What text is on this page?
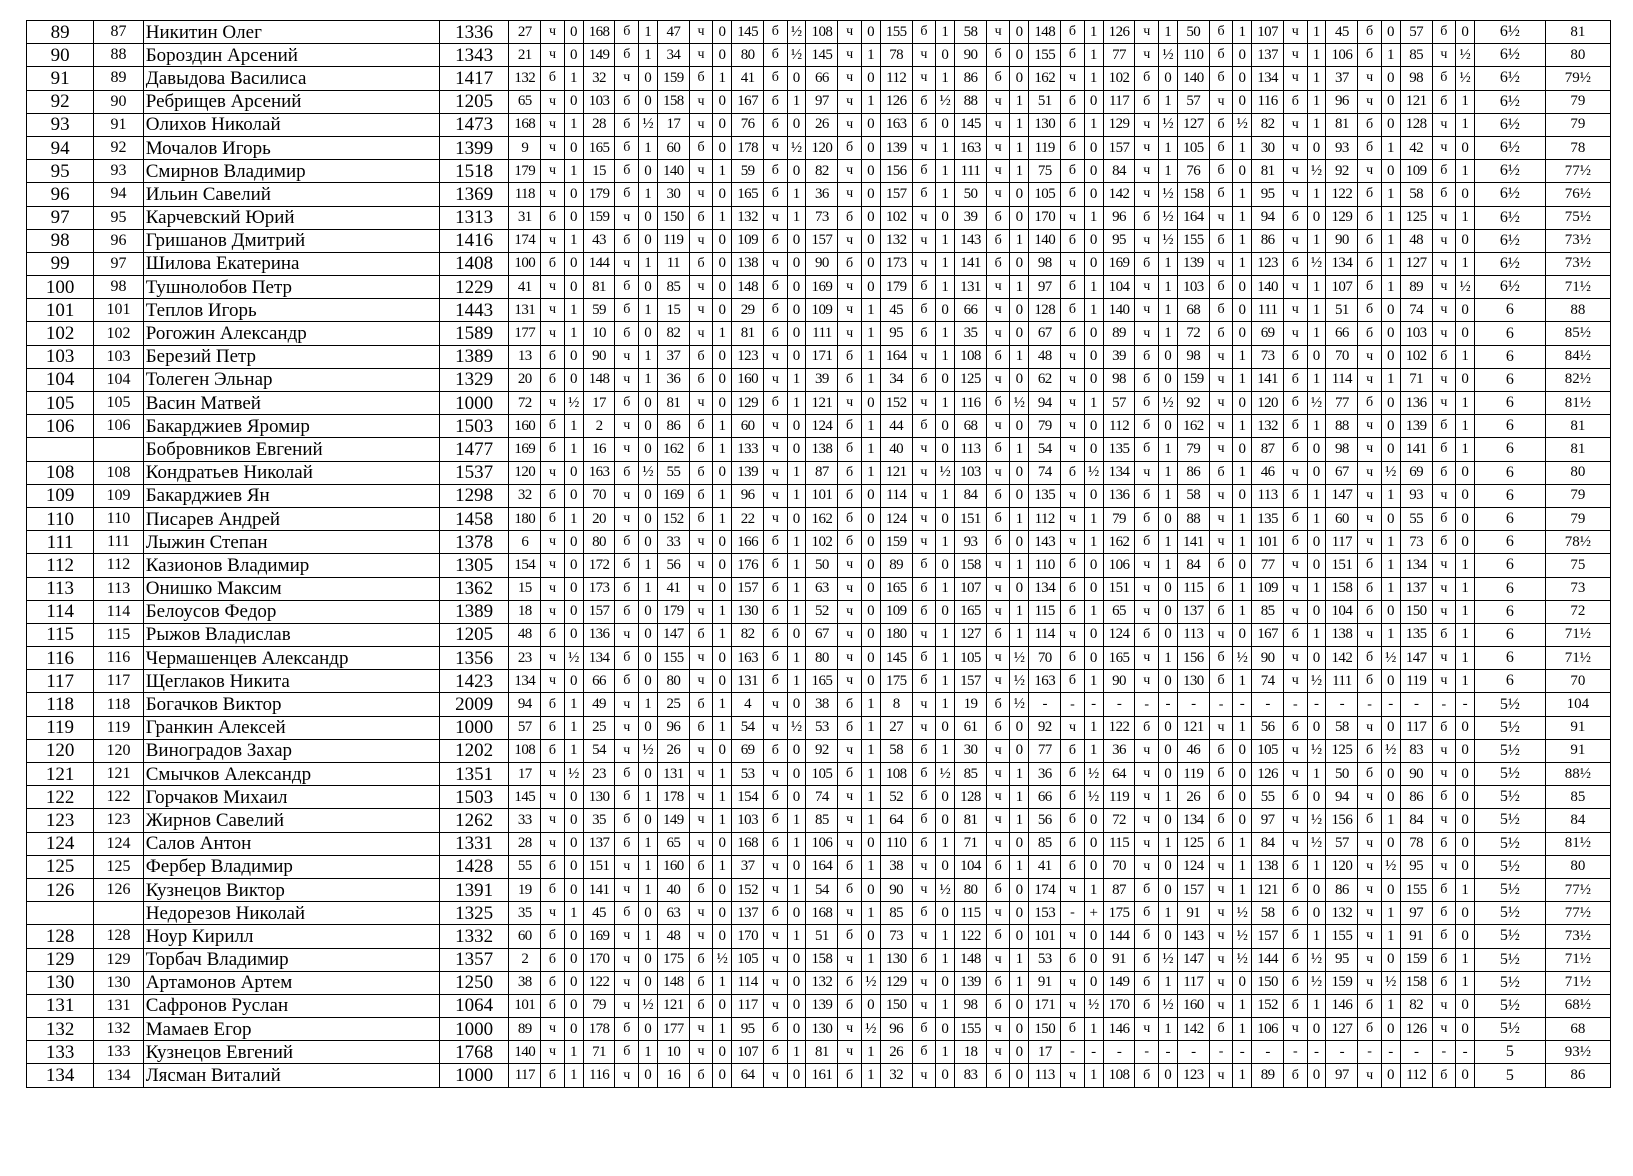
89	87	Никитин Олег	1336	27	ч	0	168	б	1	47	ч	0	145	б	½	108	ч	0	155	б	1	58	ч	0	148	б	1	126	ч	1	50	б	1	107	ч	1	45	б	0	57	б	0	6½	81
90	88	Бороздин Арсений	1343	21	ч	0	149	б	1	34	ч	0	80	б	½	145	ч	1	78	ч	0	90	б	0	155	б	1	77	ч	½	110	б	0	137	ч	1	106	б	1	85	ч	½	6½	80
91	89	Давыдова Василиса	1417	132	б	1	32	ч	0	159	б	1	41	б	0	66	ч	0	112	ч	1	86	б	0	162	ч	1	102	б	0	140	б	0	134	ч	1	37	ч	0	98	б	½	6½	79½
92	90	Ребрищев Арсений	1205	65	ч	0	103	б	0	158	ч	0	167	б	1	97	ч	1	126	б	½	88	ч	1	51	б	0	117	б	1	57	ч	0	116	б	1	96	ч	0	121	б	1	6½	79
93	91	Олихов Николай	1473	168	ч	1	28	б	½	17	ч	0	76	б	0	26	ч	0	163	б	0	145	ч	1	130	б	1	129	ч	½	127	б	½	82	ч	1	81	б	0	128	ч	1	6½	79
94	92	Мочалов Игорь	1399	9	ч	0	165	б	1	60	б	0	178	ч	½	120	б	0	139	ч	1	163	ч	1	119	б	0	157	ч	1	105	б	1	30	ч	0	93	б	1	42	ч	0	6½	78
95	93	Смирнов Владимир	1518	179	ч	1	15	б	0	140	ч	1	59	б	0	82	ч	0	156	б	1	111	ч	1	75	б	0	84	ч	1	76	б	0	81	ч	½	92	ч	0	109	б	1	6½	77½
96	94	Ильин Савелий	1369	118	ч	0	179	б	1	30	ч	0	165	б	1	36	ч	0	157	б	1	50	ч	0	105	б	0	142	ч	½	158	б	1	95	ч	1	122	б	1	58	б	0	6½	76½
97	95	Карчевский Юрий	1313	31	б	0	159	ч	0	150	б	1	132	ч	1	73	б	0	102	ч	0	39	б	0	170	ч	1	96	б	½	164	ч	1	94	б	0	129	б	1	125	ч	1	6½	75½
98	96	Гришанов Дмитрий	1416	174	ч	1	43	б	0	119	ч	0	109	б	0	157	ч	0	132	ч	1	143	б	1	140	б	0	95	ч	½	155	б	1	86	ч	1	90	б	1	48	ч	0	6½	73½
99	97	Шилова Екатерина	1408	100	б	0	144	ч	1	11	б	0	138	ч	0	90	б	0	173	ч	1	141	б	0	98	ч	0	169	б	1	139	ч	1	123	б	½	134	б	1	127	ч	1	6½	73½
100	98	Тушнолобов Петр	1229	41	ч	0	81	б	0	85	ч	0	148	б	0	169	ч	0	179	б	1	131	ч	1	97	б	1	104	ч	1	103	б	0	140	ч	1	107	б	1	89	ч	½	6½	71½
101	101	Теплов Игорь	1443	131	ч	1	59	б	1	15	ч	0	29	б	0	109	ч	1	45	б	0	66	ч	0	128	б	1	140	ч	1	68	б	0	111	ч	1	51	б	0	74	ч	0	6	88
102	102	Рогожин Александр	1589	177	ч	1	10	б	0	82	ч	1	81	б	0	111	ч	1	95	б	1	35	ч	0	67	б	0	89	ч	1	72	б	0	69	ч	1	66	б	0	103	ч	0	6	85½
103	103	Березий Петр	1389	13	б	0	90	ч	1	37	б	0	123	ч	0	171	б	1	164	ч	1	108	б	1	48	ч	0	39	б	0	98	ч	1	73	б	0	70	ч	0	102	б	1	6	84½
104	104	Толеген Эльнар	1329	20	б	0	148	ч	1	36	б	0	160	ч	1	39	б	1	34	б	0	125	ч	0	62	ч	0	98	б	0	159	ч	1	141	б	1	114	ч	1	71	ч	0	6	82½
105	105	Васин Матвей	1000	72	ч	½	17	б	0	81	ч	0	129	б	1	121	ч	0	152	ч	1	116	б	½	94	ч	1	57	б	½	92	ч	0	120	б	½	77	б	0	136	ч	1	6	81½
106	106	Бакарджиев Яромир	1503	160	б	1	2	ч	0	86	б	1	60	ч	0	124	б	1	44	б	0	68	ч	0	79	ч	0	112	б	0	162	ч	1	132	б	1	88	ч	0	139	б	1	6	81
		Бобровников Евгений	1477	169	б	1	16	ч	0	162	б	1	133	ч	0	138	б	1	40	ч	0	113	б	1	54	ч	0	135	б	1	79	ч	0	87	б	0	98	ч	0	141	б	1	6	81
108	108	Кондратьев Николай	1537	120	ч	0	163	б	½	55	б	0	139	ч	1	87	б	1	121	ч	½	103	ч	0	74	б	½	134	ч	1	86	б	1	46	ч	0	67	ч	½	69	б	0	6	80
109	109	Бакарджиев Ян	1298	32	б	0	70	ч	0	169	б	1	96	ч	1	101	б	0	114	ч	1	84	б	0	135	ч	0	136	б	1	58	ч	0	113	б	1	147	ч	1	93	ч	0	6	79
110	110	Писарев Андрей	1458	180	б	1	20	ч	0	152	б	1	22	ч	0	162	б	0	124	ч	0	151	б	1	112	ч	1	79	б	0	88	ч	1	135	б	1	60	ч	0	55	б	0	6	79
111	111	Лыжин Степан	1378	6	ч	0	80	б	0	33	ч	0	166	б	1	102	б	0	159	ч	1	93	б	0	143	ч	1	162	б	1	141	ч	1	101	б	0	117	ч	1	73	б	0	6	78½
112	112	Казионов Владимир	1305	154	ч	0	172	б	1	56	ч	0	176	б	1	50	ч	0	89	б	0	158	ч	1	110	б	0	106	ч	1	84	б	0	77	ч	0	151	б	1	134	ч	1	6	75
113	113	Онишко Максим	1362	15	ч	0	173	б	1	41	ч	0	157	б	1	63	ч	0	165	б	1	107	ч	0	134	б	0	151	ч	0	115	б	1	109	ч	1	158	б	1	137	ч	1	6	73
114	114	Белоусов Федор	1389	18	ч	0	157	б	0	179	ч	1	130	б	1	52	ч	0	109	б	0	165	ч	1	115	б	1	65	ч	0	137	б	1	85	ч	0	104	б	0	150	ч	1	6	72
115	115	Рыжов Владислав	1205	48	б	0	136	ч	0	147	б	1	82	б	0	67	ч	0	180	ч	1	127	б	1	114	ч	0	124	б	0	113	ч	0	167	б	1	138	ч	1	135	б	1	6	71½
116	116	Чермашенцев Александр	1356	23	ч	½	134	б	0	155	ч	0	163	б	1	80	ч	0	145	б	1	105	ч	½	70	б	0	165	ч	1	156	б	½	90	ч	0	142	б	½	147	ч	1	6	71½
117	117	Щеглаков Никита	1423	134	ч	0	66	б	0	80	ч	0	131	б	1	165	ч	0	175	б	1	157	ч	½	163	б	1	90	ч	0	130	б	1	74	ч	½	111	б	0	119	ч	1	6	70
118	118	Богачков Виктор	2009	94	б	1	49	ч	1	25	б	1	4	ч	0	38	б	1	8	ч	1	19	б	½	-	-	-	-	-	-	-	-	-	-	-	-	-	-	-	-	-	-	5½	104
119	119	Гранкин Алексей	1000	57	б	1	25	ч	0	96	б	1	54	ч	½	53	б	1	27	ч	0	61	б	0	92	ч	1	122	б	0	121	ч	1	56	б	0	58	ч	0	117	б	0	5½	91
120	120	Виноградов Захар	1202	108	б	1	54	ч	½	26	ч	0	69	б	0	92	ч	1	58	б	1	30	ч	0	77	б	1	36	ч	0	46	б	0	105	ч	½	125	б	½	83	ч	0	5½	91
121	121	Смычков Александр	1351	17	ч	½	23	б	0	131	ч	1	53	ч	0	105	б	1	108	б	½	85	ч	1	36	б	½	64	ч	0	119	б	0	126	ч	1	50	б	0	90	ч	0	5½	88½
122	122	Горчаков Михаил	1503	145	ч	0	130	б	1	178	ч	1	154	б	0	74	ч	1	52	б	0	128	ч	1	66	б	½	119	ч	1	26	б	0	55	б	0	94	ч	0	86	б	0	5½	85
123	123	Жирнов Савелий	1262	33	ч	0	35	б	0	149	ч	1	103	б	1	85	ч	1	64	б	0	81	ч	1	56	б	0	72	ч	0	134	б	0	97	ч	½	156	б	1	84	ч	0	5½	84
124	124	Салов Антон	1331	28	ч	0	137	б	1	65	ч	0	168	б	1	106	ч	0	110	б	1	71	ч	0	85	б	0	115	ч	1	125	б	1	84	ч	½	57	ч	0	78	б	0	5½	81½
125	125	Фербер Владимир	1428	55	б	0	151	ч	1	160	б	1	37	ч	0	164	б	1	38	ч	0	104	б	1	41	б	0	70	ч	0	124	ч	1	138	б	1	120	ч	½	95	ч	0	5½	80
126	126	Кузнецов Виктор	1391	19	б	0	141	ч	1	40	б	0	152	ч	1	54	б	0	90	ч	½	80	б	0	174	ч	1	87	б	0	157	ч	1	121	б	0	86	ч	0	155	б	1	5½	77½
		Недорезов Николай	1325	35	ч	1	45	б	0	63	ч	0	137	б	0	168	ч	1	85	б	0	115	ч	0	153	-	+	175	б	1	91	ч	½	58	б	0	132	ч	1	97	б	0	5½	77½
128	128	Ноур Кирилл	1332	60	б	0	169	ч	1	48	ч	0	170	ч	1	51	б	0	73	ч	1	122	б	0	101	ч	0	144	б	0	143	ч	½	157	б	1	155	ч	1	91	б	0	5½	73½
129	129	Торбач Владимир	1357	2	б	0	170	ч	0	175	б	½	105	ч	0	158	ч	1	130	б	1	148	ч	1	53	б	0	91	б	½	147	ч	½	144	б	½	95	ч	0	159	б	1	5½	71½
130	130	Артамонов Артем	1250	38	б	0	122	ч	0	148	б	1	114	ч	0	132	б	½	129	ч	0	139	б	1	91	ч	0	149	б	1	117	ч	0	150	б	½	159	ч	½	158	б	1	5½	71½
131	131	Сафронов Руслан	1064	101	б	0	79	ч	½	121	б	0	117	ч	0	139	б	0	150	ч	1	98	б	0	171	ч	½	170	б	½	160	ч	1	152	б	1	146	б	1	82	ч	0	5½	68½
132	132	Мамаев Егор	1000	89	ч	0	178	б	0	177	ч	1	95	б	0	130	ч	½	96	б	0	155	ч	0	150	б	1	146	ч	1	142	б	1	106	ч	0	127	б	0	126	ч	0	5½	68
133	133	Кузнецов Евгений	1768	140	ч	1	71	б	1	10	ч	0	107	б	1	81	ч	1	26	б	1	18	ч	0	17	-	-	-	-	-	-	-	-	-	-	-	-	-	-	-	-	-	5	93½
134	134	Лясман Виталий	1000	117	б	1	116	ч	0	16	б	0	64	ч	0	161	б	1	32	ч	0	83	б	0	113	ч	1	108	б	0	123	ч	1	89	б	0	97	ч	0	112	б	0	5	86
